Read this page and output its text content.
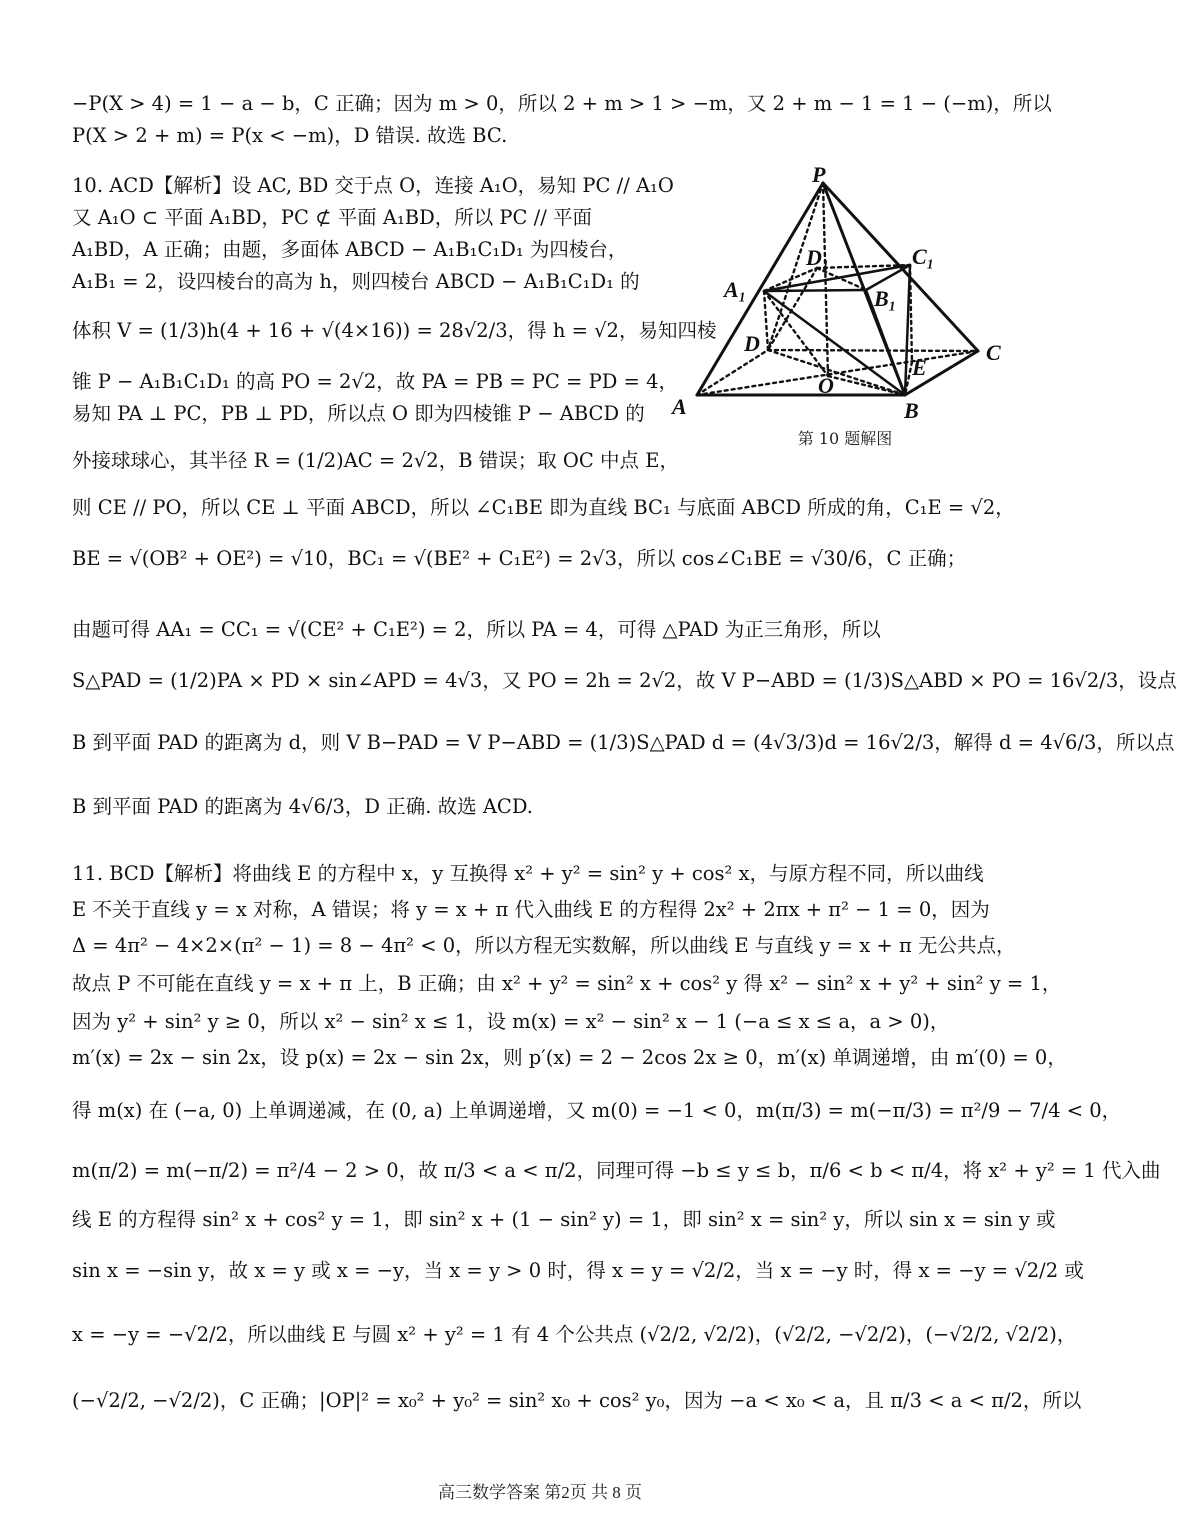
−P(X > 4) = 1 − a − b，C 正确；因为 m > 0，所以 2 + m > 1 > −m，又 2 + m − 1 = 1 − (−m)，所以
P(X > 2 + m) = P(x < −m)，D 错误. 故选 BC.
10. ACD【解析】设 AC, BD 交于点 O，连接 A₁O，易知 PC // A₁O
又 A₁O ⊂ 平面 A₁BD，PC ⊄ 平面 A₁BD，所以 PC // 平面
A₁BD，A 正确；由题，多面体 ABCD − A₁B₁C₁D₁ 为四棱台，
A₁B₁ = 2，设四棱台的高为 h，则四棱台 ABCD − A₁B₁C₁D₁ 的
体积 V = (1/3)h(4 + 16 + √(4×16)) = 28√2/3，得 h = √2，易知四棱
锥 P − A₁B₁C₁D₁ 的高 PO = 2√2，故 PA = PB = PC = PD = 4，
易知 PA ⊥ PC，PB ⊥ PD，所以点 O 即为四棱锥 P − ABCD 的
外接球球心，其半径 R = (1/2)AC = 2√2，B 错误；取 OC 中点 E，
则 CE // PO，所以 CE ⊥ 平面 ABCD，所以 ∠C₁BE 即为直线 BC₁ 与底面 ABCD 所成的角，C₁E = √2，
BE = √(OB² + OE²) = √10，BC₁ = √(BE² + C₁E²) = 2√3，所以 cos∠C₁BE = √30/6，C 正确；
由题可得 AA₁ = CC₁ = √(CE² + C₁E²) = 2，所以 PA = 4，可得 △PAD 为正三角形，所以
S△PAD = (1/2)PA × PD × sin∠APD = 4√3，又 PO = 2h = 2√2，故 V P−ABD = (1/3)S△ABD × PO = 16√2/3，设点
B 到平面 PAD 的距离为 d，则 V B−PAD = V P−ABD = (1/3)S△PAD d = (4√3/3)d = 16√2/3，解得 d = 4√6/3，所以点
B 到平面 PAD 的距离为 4√6/3，D 正确. 故选 ACD.
11. BCD【解析】将曲线 E 的方程中 x，y 互换得 x² + y² = sin² y + cos² x，与原方程不同，所以曲线
E 不关于直线 y = x 对称，A 错误；将 y = x + π 代入曲线 E 的方程得 2x² + 2πx + π² − 1 = 0，因为
Δ = 4π² − 4×2×(π² − 1) = 8 − 4π² < 0，所以方程无实数解，所以曲线 E 与直线 y = x + π 无公共点，
故点 P 不可能在直线 y = x + π 上，B 正确；由 x² + y² = sin² x + cos² y 得 x² − sin² x + y² + sin² y = 1，
因为 y² + sin² y ≥ 0，所以 x² − sin² x ≤ 1，设 m(x) = x² − sin² x − 1 (−a ≤ x ≤ a，a > 0)，
m′(x) = 2x − sin 2x，设 p(x) = 2x − sin 2x，则 p′(x) = 2 − 2cos 2x ≥ 0，m′(x) 单调递增，由 m′(0) = 0，
得 m(x) 在 (−a, 0) 上单调递减，在 (0, a) 上单调递增，又 m(0) = −1 < 0，m(π/3) = m(−π/3) = π²/9 − 7/4 < 0，
m(π/2) = m(−π/2) = π²/4 − 2 > 0，故 π/3 < a < π/2，同理可得 −b ≤ y ≤ b，π/6 < b < π/4，将 x² + y² = 1 代入曲
线 E 的方程得 sin² x + cos² y = 1，即 sin² x + (1 − sin² y) = 1，即 sin² x = sin² y，所以 sin x = sin y 或
sin x = −sin y，故 x = y 或 x = −y，当 x = y > 0 时，得 x = y = √2/2，当 x = −y 时，得 x = −y = √2/2 或
x = −y = −√2/2，所以曲线 E 与圆 x² + y² = 1 有 4 个公共点 (√2/2, √2/2)，(√2/2, −√2/2)，(−√2/2, √2/2)，
(−√2/2, −√2/2)，C 正确；|OP|² = x₀² + y₀² = sin² x₀ + cos² y₀，因为 −a < x₀ < a，且 π/3 < a < π/2，所以
P
A₁
D₁	C₁
B₁
D	C
E
O
A	B
第 10 题解图
高三数学答案 第2页 共 8 页
